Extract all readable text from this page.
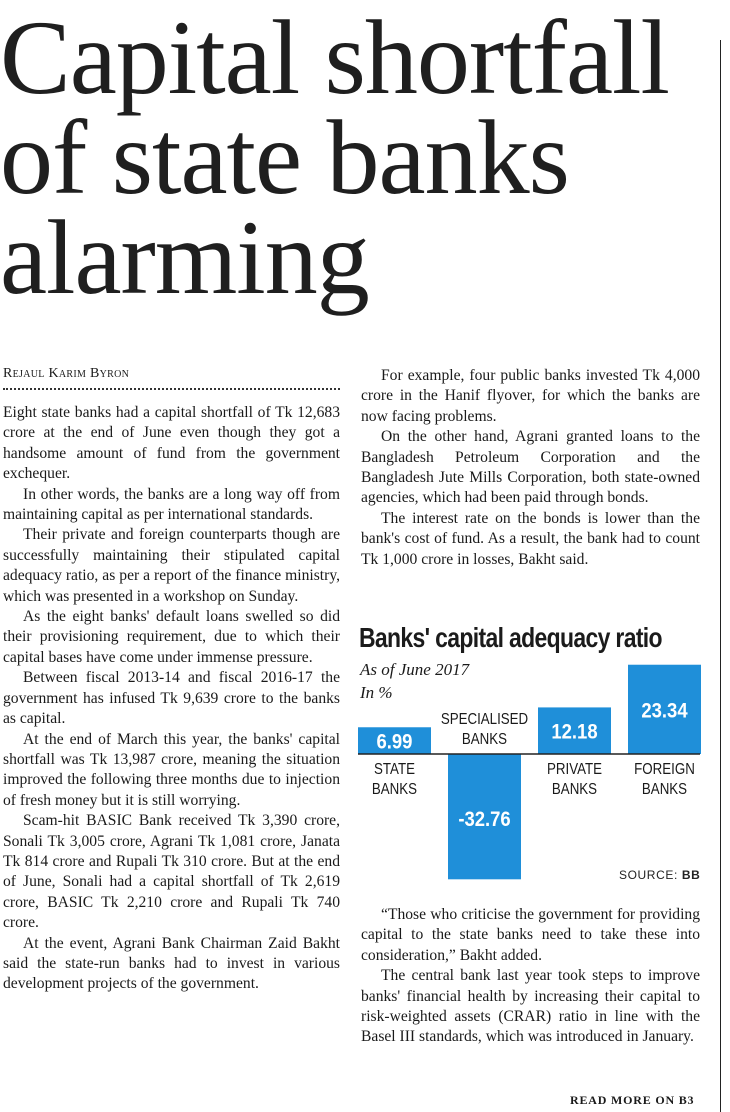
Capital shortfall
of state banks
alarming
Rejaul Karim Byron

Eight state banks had a capital shortfall of Tk 12,683 crore at the end of June even though they got a handsome amount of fund from the government exchequer.

In other words, the banks are a long way off from maintaining capital as per international standards.

Their private and foreign counterparts though are successfully maintaining their stipulated capital adequacy ratio, as per a report of the finance ministry, which was presented in a workshop on Sunday.

As the eight banks' default loans swelled so did their provisioning requirement, due to which their capital bases have come under immense pressure.

Between fiscal 2013-14 and fiscal 2016-17 the government has infused Tk 9,639 crore to the banks as capital.

At the end of March this year, the banks' capital shortfall was Tk 13,987 crore, meaning the situation improved the following three months due to injection of fresh money but it is still worrying.

Scam-hit BASIC Bank received Tk 3,390 crore, Sonali Tk 3,005 crore, Agrani Tk 1,081 crore, Janata Tk 814 crore and Rupali Tk 310 crore. But at the end of June, Sonali had a capital shortfall of Tk 2,619 crore, BASIC Tk 2,210 crore and Rupali Tk 740 crore.

At the event, Agrani Bank Chairman Zaid Bakht said the state-run banks had to invest in various development projects of the government.

For example, four public banks invested Tk 4,000 crore in the Hanif flyover, for which the banks are now facing problems.

On the other hand, Agrani granted loans to the Bangladesh Petroleum Corporation and the Bangladesh Jute Mills Corporation, both state-owned agencies, which had been paid through bonds.

The interest rate on the bonds is lower than the bank's cost of fund. As a result, the bank had to count Tk 1,000 crore in losses, Bakht said.

Banks' capital adequacy ratio
As of June 2017
In %
6.99
STATE
BANKS
-32.76
SPECIALISED
BANKS 12.18
PRIVATE
BANKS
23.34
FOREIGN
BANKS
SOURCE: BB

“Those who criticise the government for providing capital to the state banks need to take these into consideration,” Bakht added.

The central bank last year took steps to improve banks' financial health by increasing their capital to risk-weighted assets (CRAR) ratio in line with the Basel III standards, which was introduced in January.

READ MORE ON B3
